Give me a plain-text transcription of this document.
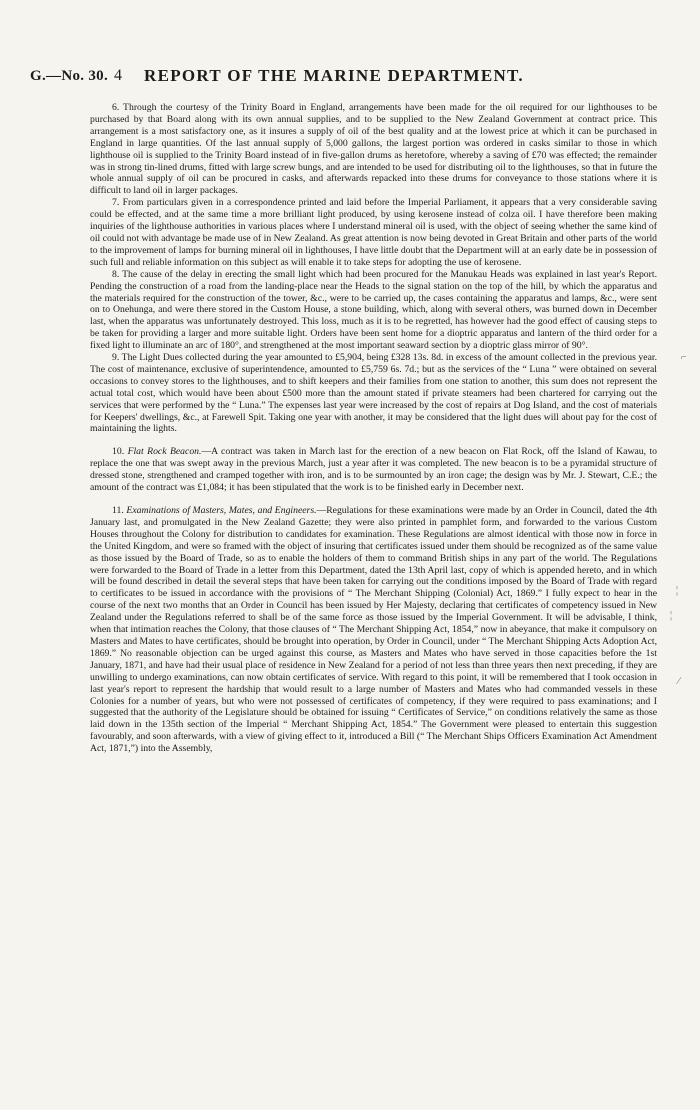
G.—No. 30. 4 REPORT OF THE MARINE DEPARTMENT.

6. Through the courtesy of the Trinity Board in England, arrangements have been made for the oil required for our lighthouses to be purchased by that Board along with its own annual supplies, and to be supplied to the New Zealand Government at contract price. This arrangement is a most satisfactory one, as it insures a supply of oil of the best quality and at the lowest price at which it can be purchased in England in large quantities. Of the last annual supply of 5,000 gallons, the largest portion was ordered in casks similar to those in which lighthouse oil is supplied to the Trinity Board instead of in five-gallon drums as heretofore, whereby a saving of £70 was effected; the remainder was in strong tin-lined drums, fitted with large screw bungs, and are intended to be used for distributing oil to the lighthouses, so that in future the whole annual supply of oil can be procured in casks, and afterwards repacked into these drums for conveyance to those stations where it is difficult to land oil in larger packages.

7. From particulars given in a correspondence printed and laid before the Imperial Parliament, it appears that a very considerable saving could be effected, and at the same time a more brilliant light produced, by using kerosene instead of colza oil. I have therefore been making inquiries of the lighthouse authorities in various places where I understand mineral oil is used, with the object of seeing whether the same kind of oil could not with advantage be made use of in New Zealand. As great attention is now being devoted in Great Britain and other parts of the world to the improvement of lamps for burning mineral oil in lighthouses, I have little doubt that the Department will at an early date be in possession of such full and reliable information on this subject as will enable it to take steps for adopting the use of kerosene.

8. The cause of the delay in erecting the small light which had been procured for the Manukau Heads was explained in last year's Report. Pending the construction of a road from the landing-place near the Heads to the signal station on the top of the hill, by which the apparatus and the materials required for the construction of the tower, &c., were to be carried up, the cases containing the apparatus and lamps, &c., were sent on to Onehunga, and were there stored in the Custom House, a stone building, which, along with several others, was burned down in December last, when the apparatus was unfortunately destroyed. This loss, much as it is to be regretted, has however had the good effect of causing steps to be taken for providing a larger and more suitable light. Orders have been sent home for a dioptric apparatus and lantern of the third order for a fixed light to illuminate an arc of 180°, and strengthened at the most important seaward section by a dioptric glass mirror of 90°.

9. The Light Dues collected during the year amounted to £5,904, being £328 13s. 8d. in excess of the amount collected in the previous year. The cost of maintenance, exclusive of superintendence, amounted to £5,759 6s. 7d.; but as the services of the “ Luna ” were obtained on several occasions to convey stores to the lighthouses, and to shift keepers and their families from one station to another, this sum does not represent the actual total cost, which would have been about £500 more than the amount stated if private steamers had been chartered for carrying out the services that were performed by the “ Luna.” The expenses last year were increased by the cost of repairs at Dog Island, and the cost of materials for Keepers' dwellings, &c., at Farewell Spit. Taking one year with another, it may be considered that the light dues will about pay for the cost of maintaining the lights.

10. Flat Rock Beacon.—A contract was taken in March last for the erection of a new beacon on Flat Rock, off the Island of Kawau, to replace the one that was swept away in the previous March, just a year after it was completed. The new beacon is to be a pyramidal structure of dressed stone, strengthened and cramped together with iron, and is to be surmounted by an iron cage; the design was by Mr. J. Stewart, C.E.; the amount of the contract was £1,084; it has been stipulated that the work is to be finished early in December next.

11. Examinations of Masters, Mates, and Engineers.—Regulations for these examinations were made by an Order in Council, dated the 4th January last, and promulgated in the New Zealand Gazette; they were also printed in pamphlet form, and forwarded to the various Custom Houses throughout the Colony for distribution to candidates for examination. These Regulations are almost identical with those now in force in the United Kingdom, and were so framed with the object of insuring that certificates issued under them should be recognized as of the same value as those issued by the Board of Trade, so as to enable the holders of them to command British ships in any part of the world. The Regulations were forwarded to the Board of Trade in a letter from this Department, dated the 13th April last, copy of which is appended hereto, and in which will be found described in detail the several steps that have been taken for carrying out the conditions imposed by the Board of Trade with regard to certificates to be issued in accordance with the provisions of “ The Merchant Shipping (Colonial) Act, 1869.” I fully expect to hear in the course of the next two months that an Order in Council has been issued by Her Majesty, declaring that certificates of competency issued in New Zealand under the Regulations referred to shall be of the same force as those issued by the Imperial Government. It will be advisable, I think, when that intimation reaches the Colony, that those clauses of “ The Merchant Shipping Act, 1854,” now in abeyance, that make it compulsory on Masters and Mates to have certificates, should be brought into operation, by Order in Council, under “ The Merchant Shipping Acts Adoption Act, 1869.” No reasonable objection can be urged against this course, as Masters and Mates who have served in those capacities before the 1st January, 1871, and have had their usual place of residence in New Zealand for a period of not less than three years then next preceding, if they are unwilling to undergo examinations, can now obtain certificates of service. With regard to this point, it will be remembered that I took occasion in last year's report to represent the hardship that would result to a large number of Masters and Mates who had commanded vessels in these Colonies for a number of years, but who were not possessed of certificates of competency, if they were required to pass examinations; and I suggested that the authority of the Legislature should be obtained for issuing “ Certificates of Service,” on conditions relatively the same as those laid down in the 135th section of the Imperial “ Merchant Shipping Act, 1854.” The Government were pleased to entertain this suggestion favourably, and soon afterwards, with a view of giving effect to it, introduced a Bill (“ The Merchant Ships Officers Examination Act Amendment Act, 1871,”) into the Assembly,

⌐
¦
¦
⁄
